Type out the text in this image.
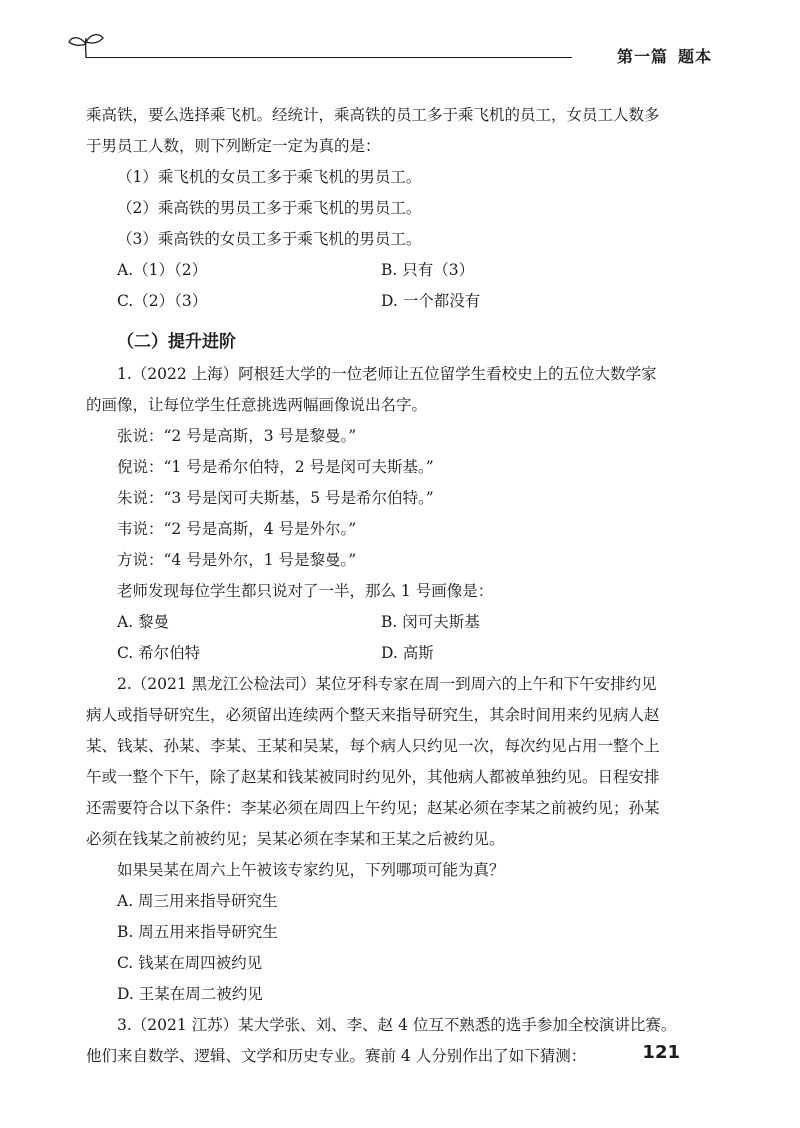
第一篇 题本
乘高铁，要么选择乘飞机。经统计，乘高铁的员工多于乘飞机的员工，女员工人数多
于男员工人数，则下列断定一定为真的是：
（1）乘飞机的女员工多于乘飞机的男员工。
（2）乘高铁的男员工多于乘飞机的男员工。
（3）乘高铁的女员工多于乘飞机的男员工。
A.（1）（2）	B. 只有（3）
C.（2）（3）	D. 一个都没有
（二）提升进阶
1.（2022 上海）阿根廷大学的一位老师让五位留学生看校史上的五位大数学家
的画像，让每位学生任意挑选两幅画像说出名字。
张说：“2 号是高斯，3 号是黎曼。”
倪说：“1 号是希尔伯特，2 号是闵可夫斯基。”
朱说：“3 号是闵可夫斯基，5 号是希尔伯特。”
韦说：“2 号是高斯，4 号是外尔。”
方说：“4 号是外尔，1 号是黎曼。”
老师发现每位学生都只说对了一半，那么 1 号画像是：
A. 黎曼	B. 闵可夫斯基
C. 希尔伯特	D. 高斯
2.（2021 黑龙江公检法司）某位牙科专家在周一到周六的上午和下午安排约见
病人或指导研究生，必须留出连续两个整天来指导研究生，其余时间用来约见病人赵
某、钱某、孙某、李某、王某和吴某，每个病人只约见一次，每次约见占用一整个上
午或一整个下午，除了赵某和钱某被同时约见外，其他病人都被单独约见。日程安排
还需要符合以下条件：李某必须在周四上午约见；赵某必须在李某之前被约见；孙某
必须在钱某之前被约见；吴某必须在李某和王某之后被约见。
如果吴某在周六上午被该专家约见，下列哪项可能为真？
A. 周三用来指导研究生
B. 周五用来指导研究生
C. 钱某在周四被约见
D. 王某在周二被约见
3.（2021 江苏）某大学张、刘、李、赵 4 位互不熟悉的选手参加全校演讲比赛。
他们来自数学、逻辑、文学和历史专业。赛前 4 人分别作出了如下猜测：	121
